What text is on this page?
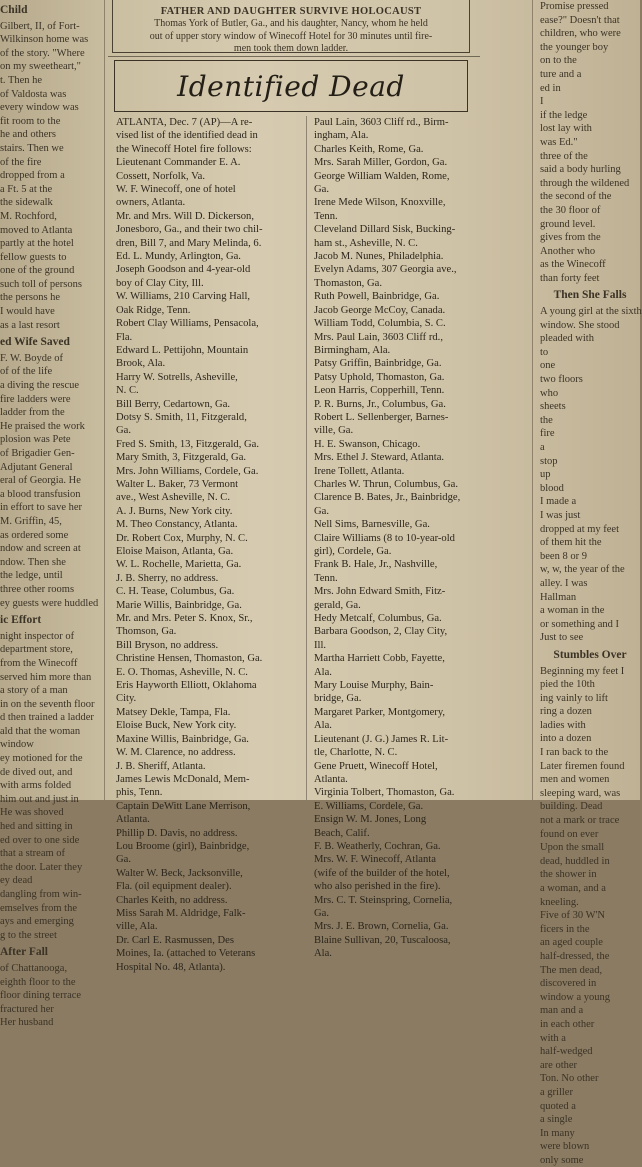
Child
Gilbert, II, of Fort-
Wilkinson home was
of the story. "Where
on my sweetheart,"
t. Then he
of Valdosta was
every window was
fit room to the
he and others
stairs. Then we
of the fire
dropped from a
a Ft. 5 at the
the sidewalk
M. Rochford,
moved to Atlanta
partly at the hotel
fellow guests to
one of the ground
such toll of persons
the persons he
I would have
as a last resort
ed Wife Saved
F. W. Boyde of
of of the life
a diving the rescue
fire ladders were
ladder from the
He praised the work
plosion was Pete
of Brigadier Gen-
Adjutant General
eral of Georgia. He
a blood transfusion
in effort to save her
M. Griffin, 45,
as ordered some
ndow and screen at
ndow. Then she
the ledge, until
three other rooms
ey guests were huddled
ic Effort
night inspector of
department store,
from the Winecoff
served him more than
a story of a man
in on the seventh floor
d then trained a ladder
ald that the woman
window
ey motioned for the
de dived out, and
with arms folded
him out and just in
He was shoved
hed and sitting in
ed over to one side
that a stream of
the door. Later they
ey dead
dangling from win-
emselves from the
ays and emerging
g to the street
After Fall
of Chattanooga,
eighth floor to the
floor dining terrace
fractured her
Her husband
FATHER AND DAUGHTER SURVIVE HOLOCAUST
Thomas York of Butler, Ga., and his daughter, Nancy, whom he held
out of upper story window of Winecoff Hotel for 30 minutes until fire-
men took them down ladder.
Identified Dead
ATLANTA, Dec. 7 (AP)—A re-
vised list of the identified dead in
the Winecoff Hotel fire follows:
Lieutenant Commander E. A.
Cossett, Norfolk, Va.
W. F. Winecoff, one of hotel
owners, Atlanta.
Mr. and Mrs. Will D. Dickerson,
Jonesboro, Ga., and their two chil-
dren, Bill 7, and Mary Melinda, 6.
Ed. L. Mundy, Arlington, Ga.
Joseph Goodson and 4-year-old
boy of Clay City, Ill.
W. Williams, 210 Carving Hall,
Oak Ridge, Tenn.
Robert Clay Williams, Pensacola,
Fla.
Edward L. Pettijohn, Mountain
Brook, Ala.
Harry W. Sotrells, Asheville,
N. C.
Bill Berry, Cedartown, Ga.
Dotsy S. Smith, 11, Fitzgerald,
Ga.
Fred S. Smith, 13, Fitzgerald, Ga.
Mary Smith, 3, Fitzgerald, Ga.
Mrs. John Williams, Cordele, Ga.
Walter L. Baker, 73 Vermont
ave., West Asheville, N. C.
A. J. Burns, New York city.
M. Theo Constancy, Atlanta.
Dr. Robert Cox, Murphy, N. C.
Eloise Maison, Atlanta, Ga.
W. L. Rochelle, Marietta, Ga.
J. B. Sherry, no address.
C. H. Tease, Columbus, Ga.
Marie Willis, Bainbridge, Ga.
Mr. and Mrs. Peter S. Knox, Sr.,
Thomson, Ga.
Bill Bryson, no address.
Christine Hensen, Thomaston, Ga.
E. O. Thomas, Asheville, N. C.
Eris Hayworth Elliott, Oklahoma
City.
Matsey Dekle, Tampa, Fla.
Eloise Buck, New York city.
Maxine Willis, Bainbridge, Ga.
W. M. Clarence, no address.
J. B. Sheriff, Atlanta.
James Lewis McDonald, Mem-
phis, Tenn.
Captain DeWitt Lane Merrison,
Atlanta.
Phillip D. Davis, no address.
Lou Broome (girl), Bainbridge,
Ga.
Walter W. Beck, Jacksonville,
Fla. (oil equipment dealer).
Charles Keith, no address.
Miss Sarah M. Aldridge, Falk-
ville, Ala.
Dr. Carl E. Rasmussen, Des
Moines, Ia. (attached to Veterans
Hospital No. 48, Atlanta).
Paul Lain, 3603 Cliff rd., Birm-
ingham, Ala.
Charles Keith, Rome, Ga.
Mrs. Sarah Miller, Gordon, Ga.
George William Walden, Rome,
Ga.
Irene Mede Wilson, Knoxville,
Tenn.
Cleveland Dillard Sisk, Bucking-
ham st., Asheville, N. C.
Jacob M. Nunes, Philadelphia.
Evelyn Adams, 307 Georgia ave.,
Thomaston, Ga.
Ruth Powell, Bainbridge, Ga.
Jacob George McCoy, Canada.
William Todd, Columbia, S. C.
Mrs. Paul Lain, 3603 Cliff rd.,
Birmingham, Ala.
Patsy Griffin, Bainbridge, Ga.
Patsy Uphold, Thomaston, Ga.
Leon Harris, Copperhill, Tenn.
P. R. Burns, Jr., Columbus, Ga.
Robert L. Sellenberger, Barnes-
ville, Ga.
H. E. Swanson, Chicago.
Mrs. Ethel J. Steward, Atlanta.
Irene Tollett, Atlanta.
Charles W. Thrun, Columbus, Ga.
Clarence B. Bates, Jr., Bainbridge,
Ga.
Nell Sims, Barnesville, Ga.
Claire Williams (8 to 10-year-old
girl), Cordele, Ga.
Frank B. Hale, Jr., Nashville,
Tenn.
Mrs. John Edward Smith, Fitz-
gerald, Ga.
Hedy Metcalf, Columbus, Ga.
Barbara Goodson, 2, Clay City,
Ill.
Martha Harriett Cobb, Fayette,
Ala.
Mary Louise Murphy, Bain-
bridge, Ga.
Margaret Parker, Montgomery,
Ala.
Lieutenant (J. G.) James R. Lit-
tle, Charlotte, N. C.
Gene Pruett, Winecoff Hotel,
Atlanta.
Virginia Tolbert, Thomaston, Ga.
E. Williams, Cordele, Ga.
Ensign W. M. Jones, Long
Beach, Calif.
F. B. Weatherly, Cochran, Ga.
Mrs. W. F. Winecoff, Atlanta
(wife of the builder of the hotel,
who also perished in the fire).
Mrs. C. T. Steinspring, Cornelia,
Ga.
Mrs. J. E. Brown, Cornelia, Ga.
Blaine Sullivan, 20, Tuscaloosa,
Ala.
Promise pressed
ease?" Doesn't that
children, who were
the younger boy
on to the
ture and a
ed in
I
if the ledge
lost lay with
was Ed."
three of the
said a body hurling
through the wildened
the second of the
the 30 floor of
ground level.
gives from the
Another who
as the Winecoff
than forty feet
Then She Falls
A young girl at the sixth
window. She stood
pleaded with
to
one
two floors
who
sheets
the
fire
a
stop
up
blood
I made a
I was just
dropped at my feet
of them hit the
been 8 or 9
w, w, the year of the
alley. I was
Hallman
a woman in the
or something and I
Just to see
Stumbles Over
Beginning my feet I
pied the 10th
ing vainly to lift
ring a dozen
ladies with
into a dozen
I ran back to the
Later firemen found
men and women
sleeping ward, was
building. Dead
not a mark or trace
found on ever
Upon the small
dead, huddled in
the shower in
a woman, and a
kneeling.
Five of 30 W'N
ficers in the
an aged couple
half-dressed, the
The men dead,
discovered in
window a young
man and a
in each other
with a
half-wedged
are other
Ton. No other
a griller
quoted a
a single
In many
were blown
only some
